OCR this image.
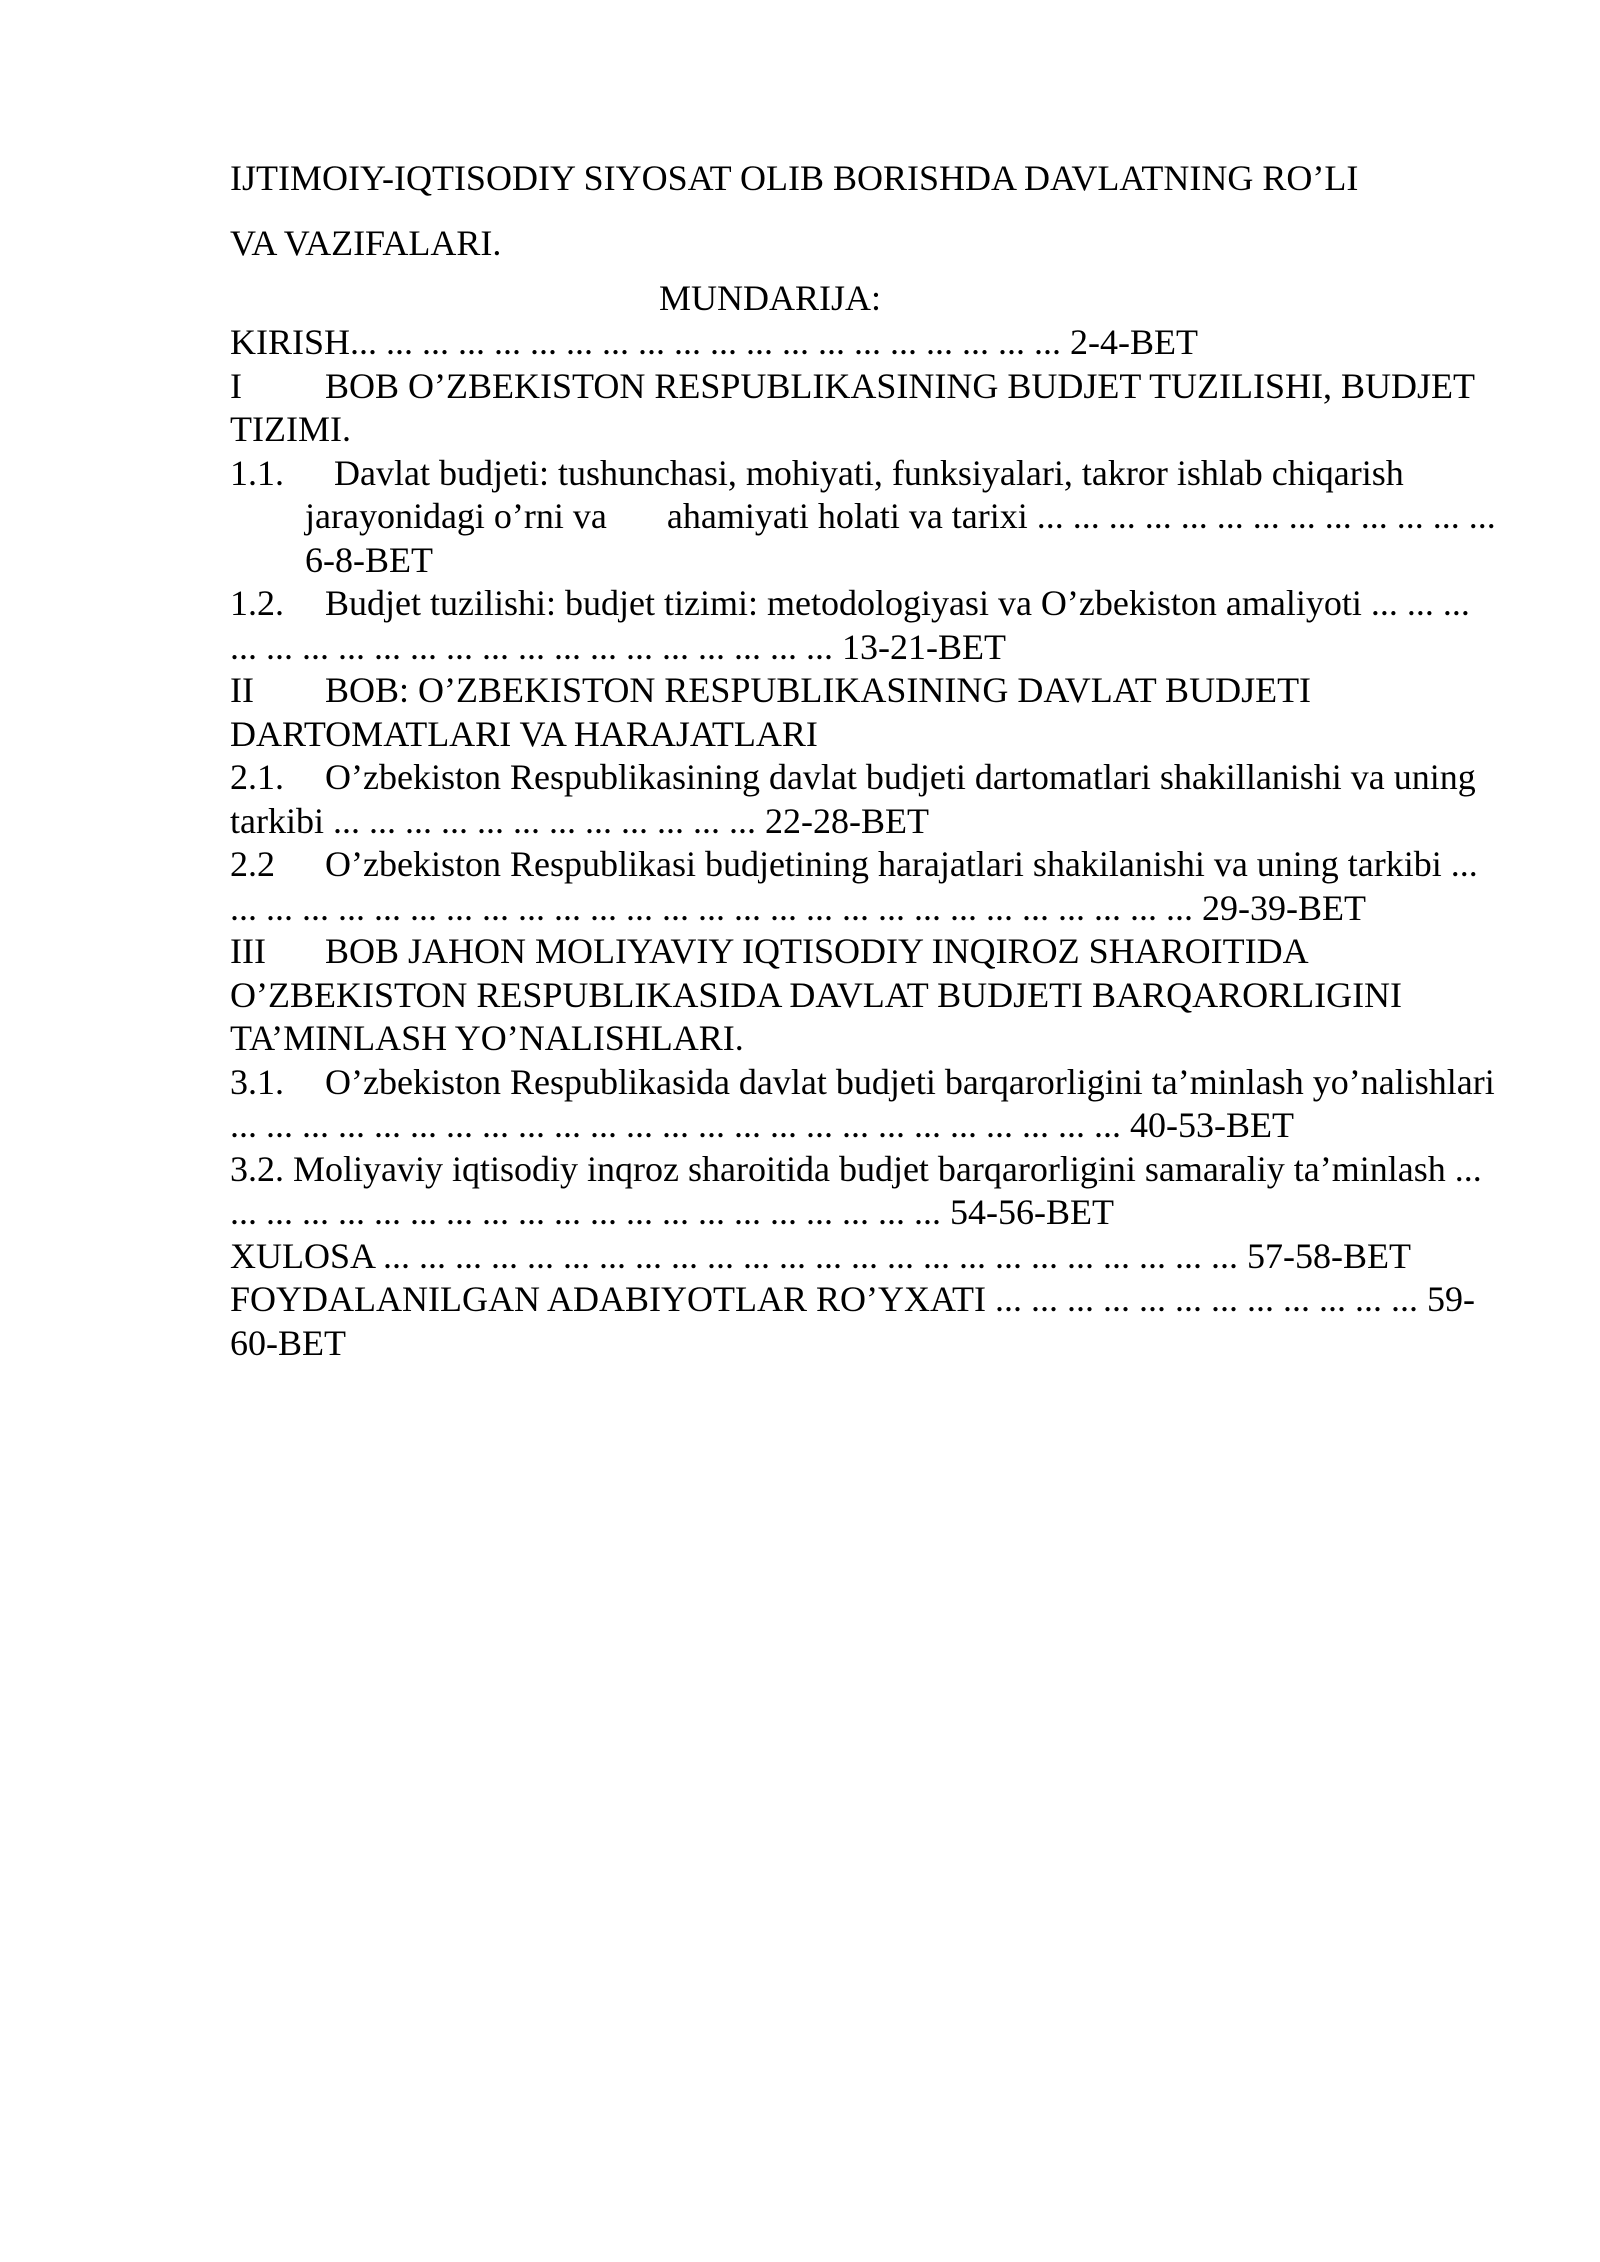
IJTIMOIY-IQTISODIY SIYOSAT OLIB BORISHDA DAVLATNING RO’LI
VA VAZIFALARI.
MUNDARIJA:
KIRISH... ... ... ... ... ... ... ... ... ... ... ... ... ... ... ... ... ... ... ... 2-4-BET
I BOB O’ZBEKISTON RESPUBLIKASINING BUDJET TUZILISHI, BUDJET TIZIMI.
1.1. Davlat budjeti: tushunchasi, mohiyati, funksiyalari, takror ishlab chiqarish
jarayonidagi o’rni va ahamiyati holati va tarixi ... ... ... ... ... ... ... ... ... ... ... ... ... 6-8-BET
1.2. Budjet tuzilishi: budjet tizimi: metodologiyasi va O’zbekiston amaliyoti ... ... ... ... ... ... ... ... ... ... ... ... ... ... ... ... ... ... ... ... 13-21-BET
II BOB: O’ZBEKISTON RESPUBLIKASINING DAVLAT BUDJETI DARTOMATLARI VA HARAJATLARI
2.1. O’zbekiston Respublikasining davlat budjeti dartomatlari shakillanishi va uning tarkibi ... ... ... ... ... ... ... ... ... ... ... ... 22-28-BET
2.2 O’zbekiston Respublikasi budjetining harajatlari shakilanishi va uning tarkibi ... ... ... ... ... ... ... ... ... ... ... ... ... ... ... ... ... ... ... ... ... ... ... ... ... ... ... ... 29-39-BET
III BOB JAHON MOLIYAVIY IQTISODIY INQIROZ SHAROITIDA O’ZBEKISTON RESPUBLIKASIDA DAVLAT BUDJETI BARQARORLIGINI TA’MINLASH YO’NALISHLARI.
3.1. O’zbekiston Respublikasida davlat budjeti barqarorligini ta’minlash yo’nalishlari ... ... ... ... ... ... ... ... ... ... ... ... ... ... ... ... ... ... ... ... ... ... ... ... ... 40-53-BET
3.2. Moliyaviy iqtisodiy inqroz sharoitida budjet barqarorligini samaraliy ta’minlash ... ... ... ... ... ... ... ... ... ... ... ... ... ... ... ... ... ... ... ... ... 54-56-BET
XULOSA ... ... ... ... ... ... ... ... ... ... ... ... ... ... ... ... ... ... ... ... ... ... ... ... 57-58-BET
FOYDALANILGAN ADABIYOTLAR RO’YXATI ... ... ... ... ... ... ... ... ... ... ... ... 59-60-BET
